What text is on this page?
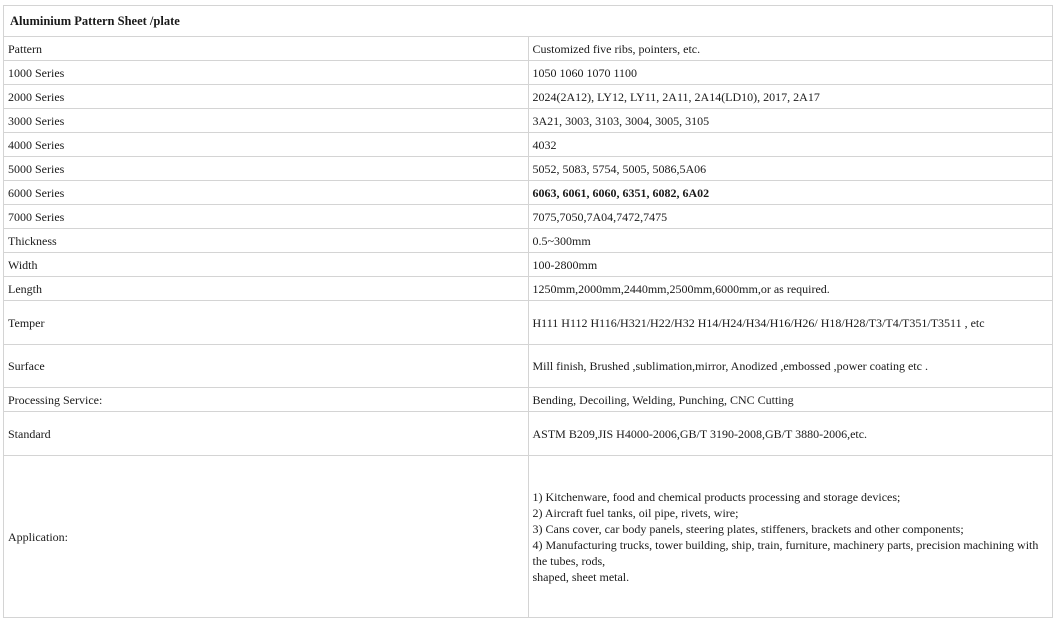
Aluminium Pattern Sheet /plate	
Pattern	Customized five ribs, pointers, etc.
1000 Series	1050 1060 1070 1100
2000 Series	2024(2A12), LY12, LY11, 2A11, 2A14(LD10), 2017, 2A17
3000 Series	3A21, 3003, 3103, 3004, 3005, 3105
4000 Series	4032
5000 Series	5052, 5083, 5754, 5005, 5086,5A06
6000 Series	6063, 6061, 6060, 6351, 6082, 6A02
7000 Series	7075,7050,7A04,7472,7475
Thickness	0.5~300mm
Width	100-2800mm
Length	1250mm,2000mm,2440mm,2500mm,6000mm,or as required.
Temper	H111 H112 H116/H321/H22/H32 H14/H24/H34/H16/H26/ H18/H28/T3/T4/T351/T3511 , etc
Surface	Mill finish, Brushed ,sublimation,mirror, Anodized ,embossed ,power coating etc .
Processing Service:	Bending, Decoiling, Welding, Punching, CNC Cutting
Standard	ASTM B209,JIS H4000-2006,GB/T 3190-2008,GB/T 3880-2006,etc.
Application:	1) Kitchenware, food and chemical products processing and storage devices;
2) Aircraft fuel tanks, oil pipe, rivets, wire;
3) Cans cover, car body panels, steering plates, stiffeners, brackets and other components;
4) Manufacturing trucks, tower building, ship, train, furniture, machinery parts, precision machining with the tubes, rods,
shaped, sheet metal.
